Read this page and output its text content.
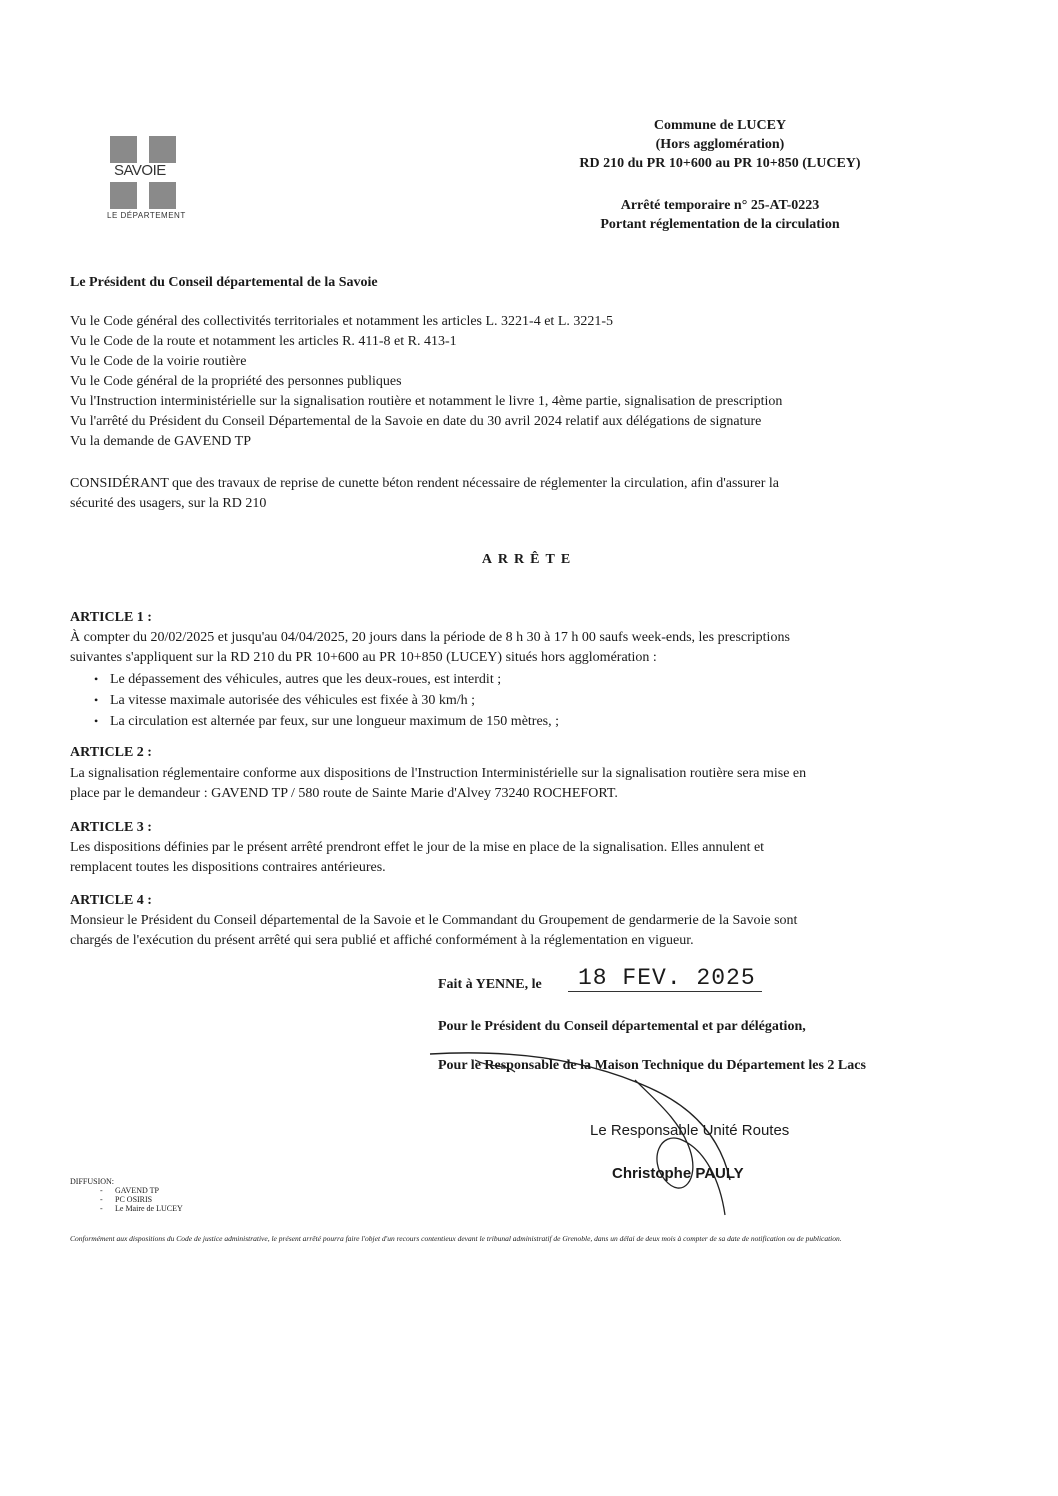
SAVOIE
LE DÉPARTEMENT
Commune de LUCEY
(Hors agglomération)
RD 210 du PR 10+600 au PR 10+850 (LUCEY)
Arrêté temporaire n° 25-AT-0223
Portant réglementation de la circulation
Le Président du Conseil départemental de la Savoie
Vu le Code général des collectivités territoriales et notamment les articles L. 3221-4 et L. 3221-5
Vu le Code de la route et notamment les articles R. 411-8 et R. 413-1
Vu le Code de la voirie routière
Vu le Code général de la propriété des personnes publiques
Vu l'Instruction interministérielle sur la signalisation routière et notamment le livre 1, 4ème partie, signalisation de prescription
Vu l'arrêté du Président du Conseil Départemental de la Savoie en date du 30 avril 2024 relatif aux délégations de signature
Vu la demande de GAVEND TP
CONSIDÉRANT que des travaux de reprise de cunette béton rendent nécessaire de réglementer la circulation, afin d'assurer la
sécurité des usagers, sur la RD 210
ARRÊTE
ARTICLE 1 :
À compter du 20/02/2025 et jusqu'au 04/04/2025, 20 jours dans la période de 8 h 30 à 17 h 00 saufs week-ends, les prescriptions
suivantes s'appliquent sur la RD 210 du PR 10+600 au PR 10+850 (LUCEY) situés hors agglomération :
• Le dépassement des véhicules, autres que les deux-roues, est interdit ;
• La vitesse maximale autorisée des véhicules est fixée à 30 km/h ;
• La circulation est alternée par feux, sur une longueur maximum de 150 mètres, ;
ARTICLE 2 :
La signalisation réglementaire conforme aux dispositions de l'Instruction Interministérielle sur la signalisation routière sera mise en
place par le demandeur : GAVEND TP / 580 route de Sainte Marie d'Alvey 73240 ROCHEFORT.
ARTICLE 3 :
Les dispositions définies par le présent arrêté prendront effet le jour de la mise en place de la signalisation. Elles annulent et
remplacent toutes les dispositions contraires antérieures.
ARTICLE 4 :
Monsieur le Président du Conseil départemental de la Savoie et le Commandant du Groupement de gendarmerie de la Savoie sont
chargés de l'exécution du présent arrêté qui sera publié et affiché conformément à la réglementation en vigueur.
Fait à YENNE, le	18 FEV. 2025
Pour le Président du Conseil départemental et par délégation,
Pour le Responsable de la Maison Technique du Département les 2 Lacs
Le Responsable Unité Routes
Christophe PAULY
DIFFUSION:
- GAVEND TP
- PC OSIRIS
- Le Maire de LUCEY
Conformément aux dispositions du Code de justice administrative, le présent arrêté pourra faire l'objet d'un recours contentieux devant le tribunal administratif de Grenoble, dans un délai de deux mois à compter de sa date de notification ou de publication.
